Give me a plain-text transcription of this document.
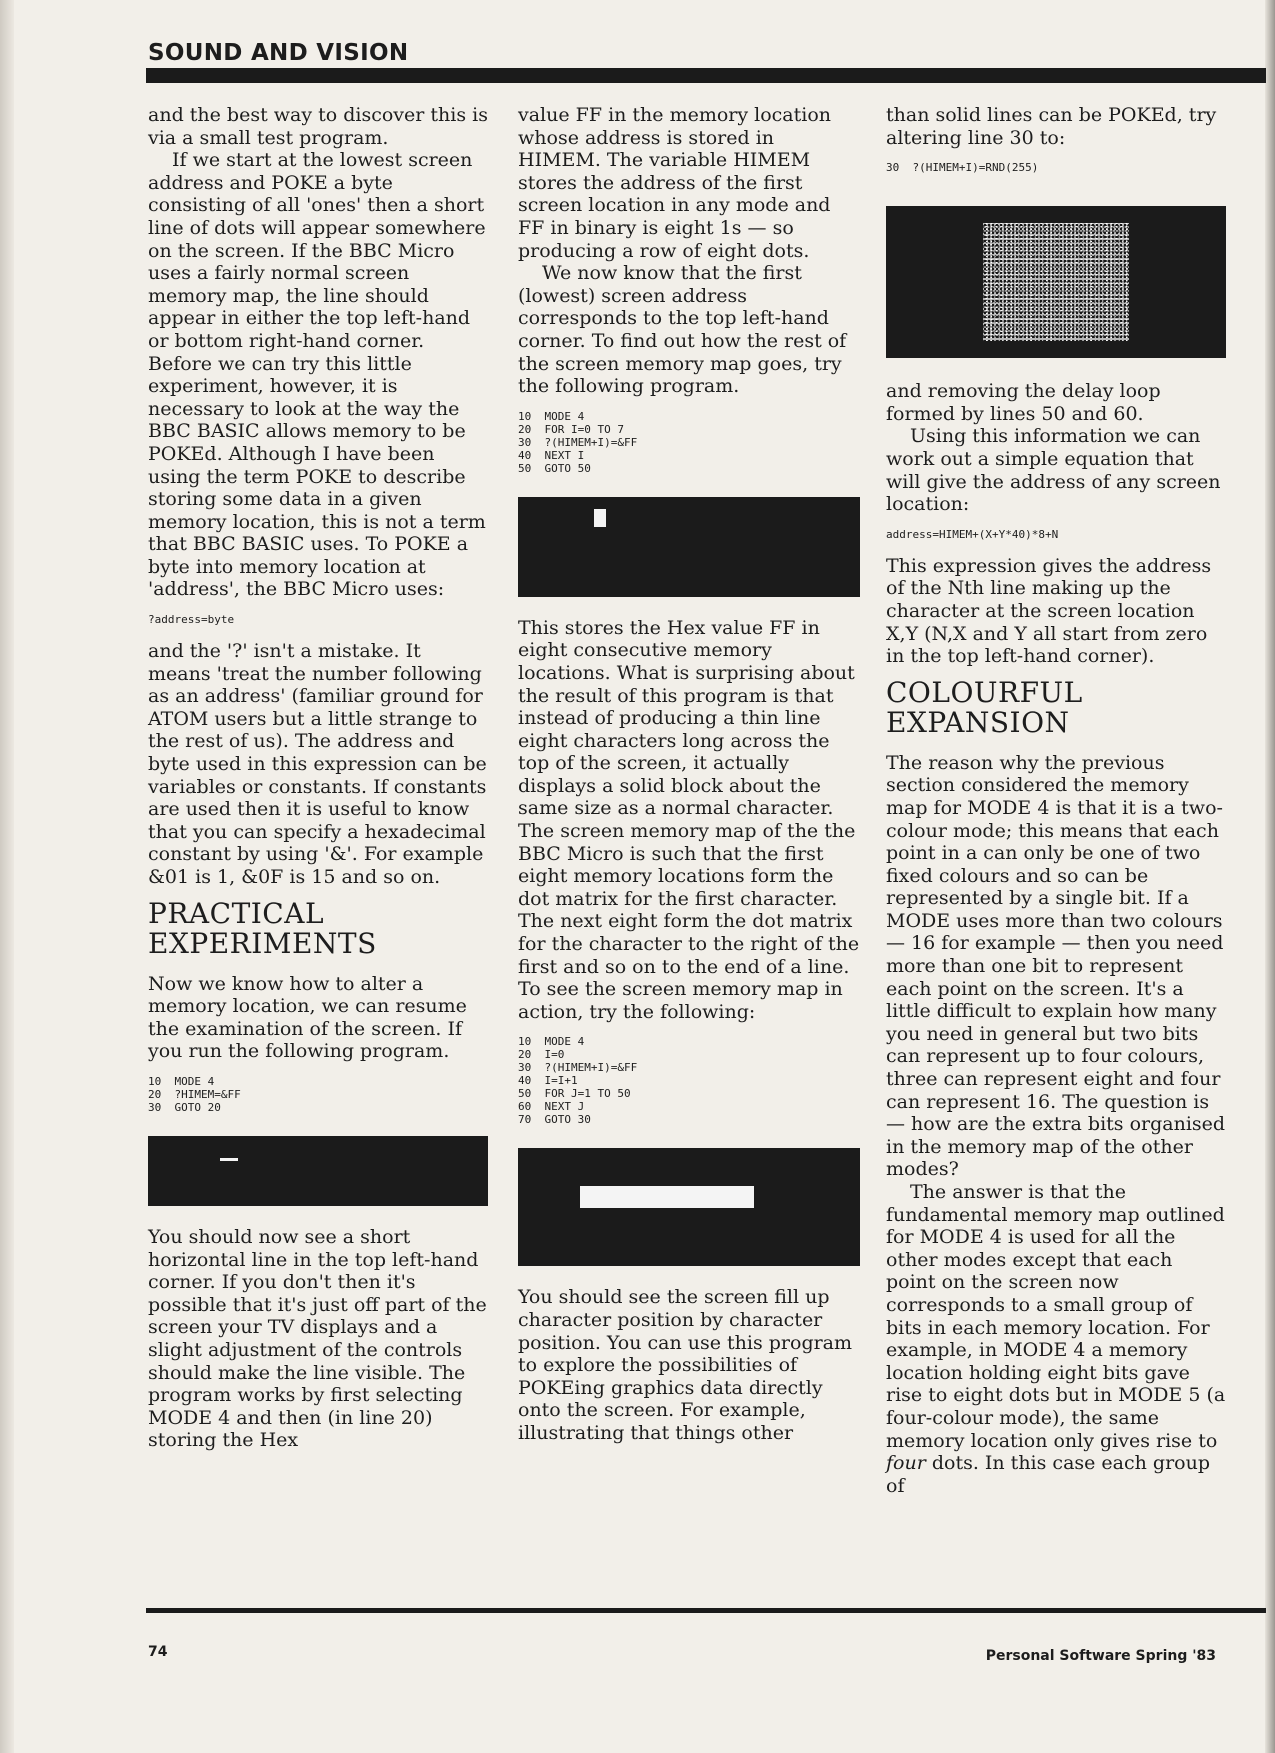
SOUND AND VISION

and the best way to discover this is via a small test program.

If we start at the lowest screen address and POKE a byte consisting of all 'ones' then a short line of dots will appear somewhere on the screen. If the BBC Micro uses a fairly normal screen memory map, the line should appear in either the top left-hand or bottom right-hand corner. Before we can try this little experiment, however, it is necessary to look at the way the BBC BASIC allows memory to be POKEd. Although I have been using the term POKE to describe storing some data in a given memory location, this is not a term that BBC BASIC uses. To POKE a byte into memory location at 'address', the BBC Micro uses:

?address=byte

and the '?' isn't a mistake. It means 'treat the number following as an address' (familiar ground for ATOM users but a little strange to the rest of us). The address and byte used in this expression can be variables or constants. If constants are used then it is useful to know that you can specify a hexadecimal constant by using '&'. For example &01 is 1, &0F is 15 and so on.

PRACTICAL EXPERIMENTS

Now we know how to alter a memory location, we can resume the examination of the screen. If you run the following program.

10  MODE 4
20  ?HIMEM=&FF
30  GOTO 20

You should now see a short horizontal line in the top left-hand corner. If you don't then it's possible that it's just off part of the screen your TV displays and a slight adjustment of the controls should make the line visible. The program works by first selecting MODE 4 and then (in line 20) storing the Hex

value FF in the memory location whose address is stored in HIMEM. The variable HIMEM stores the address of the first screen location in any mode and FF in binary is eight 1s — so producing a row of eight dots.

We now know that the first (lowest) screen address corresponds to the top left-hand corner. To find out how the rest of the screen memory map goes, try the following program.

10  MODE 4
20  FOR I=0 TO 7
30  ?(HIMEM+I)=&FF
40  NEXT I
50  GOTO 50

This stores the Hex value FF in eight consecutive memory locations. What is surprising about the result of this program is that instead of producing a thin line eight characters long across the top of the screen, it actually displays a solid block about the same size as a normal character. The screen memory map of the the BBC Micro is such that the first eight memory locations form the dot matrix for the first character. The next eight form the dot matrix for the character to the right of the first and so on to the end of a line. To see the screen memory map in action, try the following:

10  MODE 4
20  I=0
30  ?(HIMEM+I)=&FF
40  I=I+1
50  FOR J=1 TO 50
60  NEXT J
70  GOTO 30

You should see the screen fill up character position by character position. You can use this program to explore the possibilities of POKEing graphics data directly onto the screen. For example, illustrating that things other

than solid lines can be POKEd, try altering line 30 to:

30  ?(HIMEM+I)=RND(255)

and removing the delay loop formed by lines 50 and 60.

Using this information we can work out a simple equation that will give the address of any screen location:

address=HIMEM+(X+Y*40)*8+N

This expression gives the address of the Nth line making up the character at the screen location X,Y (N,X and Y all start from zero in the top left-hand corner).

COLOURFUL EXPANSION

The reason why the previous section considered the memory map for MODE 4 is that it is a two-colour mode; this means that each point in a can only be one of two fixed colours and so can be represented by a single bit. If a MODE uses more than two colours — 16 for example — then you need more than one bit to represent each point on the screen. It's a little difficult to explain how many you need in general but two bits can represent up to four colours, three can represent eight and four can represent 16. The question is — how are the extra bits organised in the memory map of the other modes?

The answer is that the fundamental memory map outlined for MODE 4 is used for all the other modes except that each point on the screen now corresponds to a small group of bits in each memory location. For example, in MODE 4 a memory location holding eight bits gave rise to eight dots but in MODE 5 (a four-colour mode), the same memory location only gives rise to four dots. In this case each group of

74	Personal Software Spring '83
